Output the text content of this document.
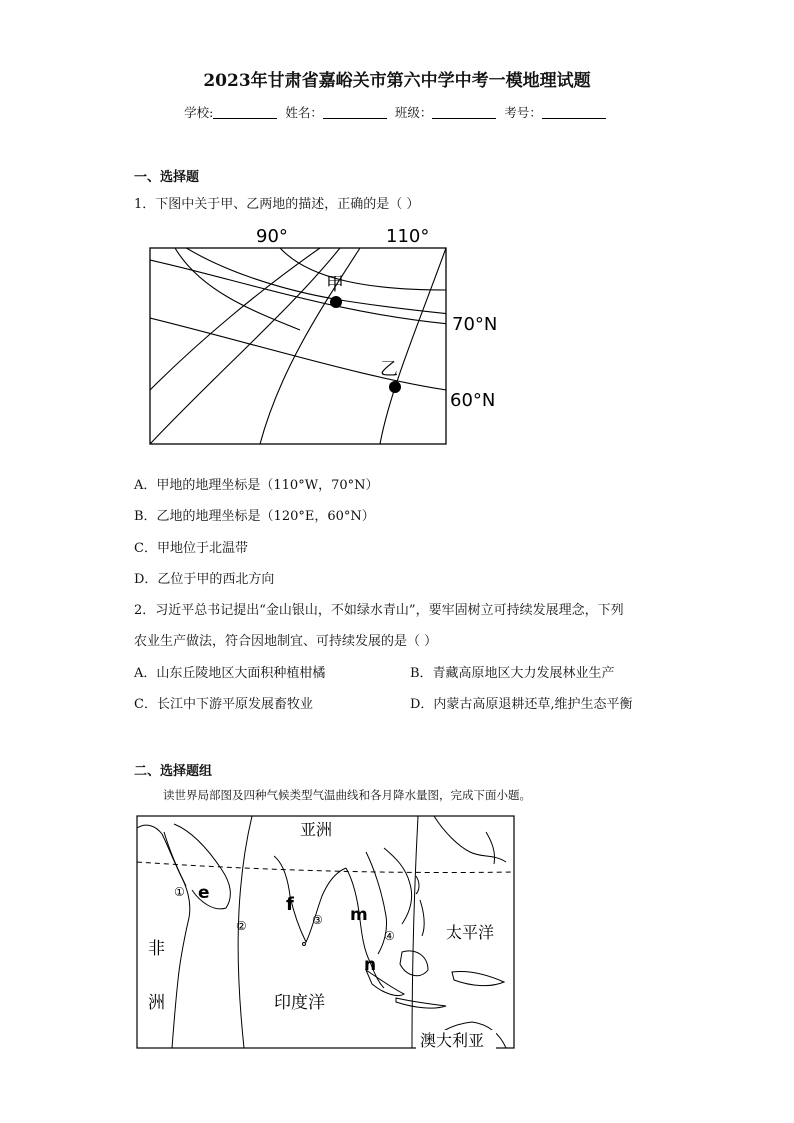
2023年甘肃省嘉峪关市第六中学中考一模地理试题
学校:	姓名：	班级：	考号：
一、选择题
1．下图中关于甲、乙两地的描述，正确的是（ ）
90°	110°
70°N
60°N
甲
乙
A．甲地的地理坐标是（110°W，70°N）
B．乙地的地理坐标是（120°E，60°N）
C．甲地位于北温带
D．乙位于甲的西北方向
2．习近平总书记提出“金山银山，不如绿水青山”，要牢固树立可持续发展理念，下列
农业生产做法，符合因地制宜、可持续发展的是（ ）
A．山东丘陵地区大面积种植柑橘	B．青藏高原地区大力发展林业生产
C．长江中下游平原发展畜牧业	D．内蒙古高原退耕还草,维护生态平衡
二、选择题组
读世界局部图及四种气候类型气温曲线和各月降水量图，完成下面小题。
亚洲
非
洲	印度洋
太平洋
澳大利亚
e
f	m
n
①
②	③
④
